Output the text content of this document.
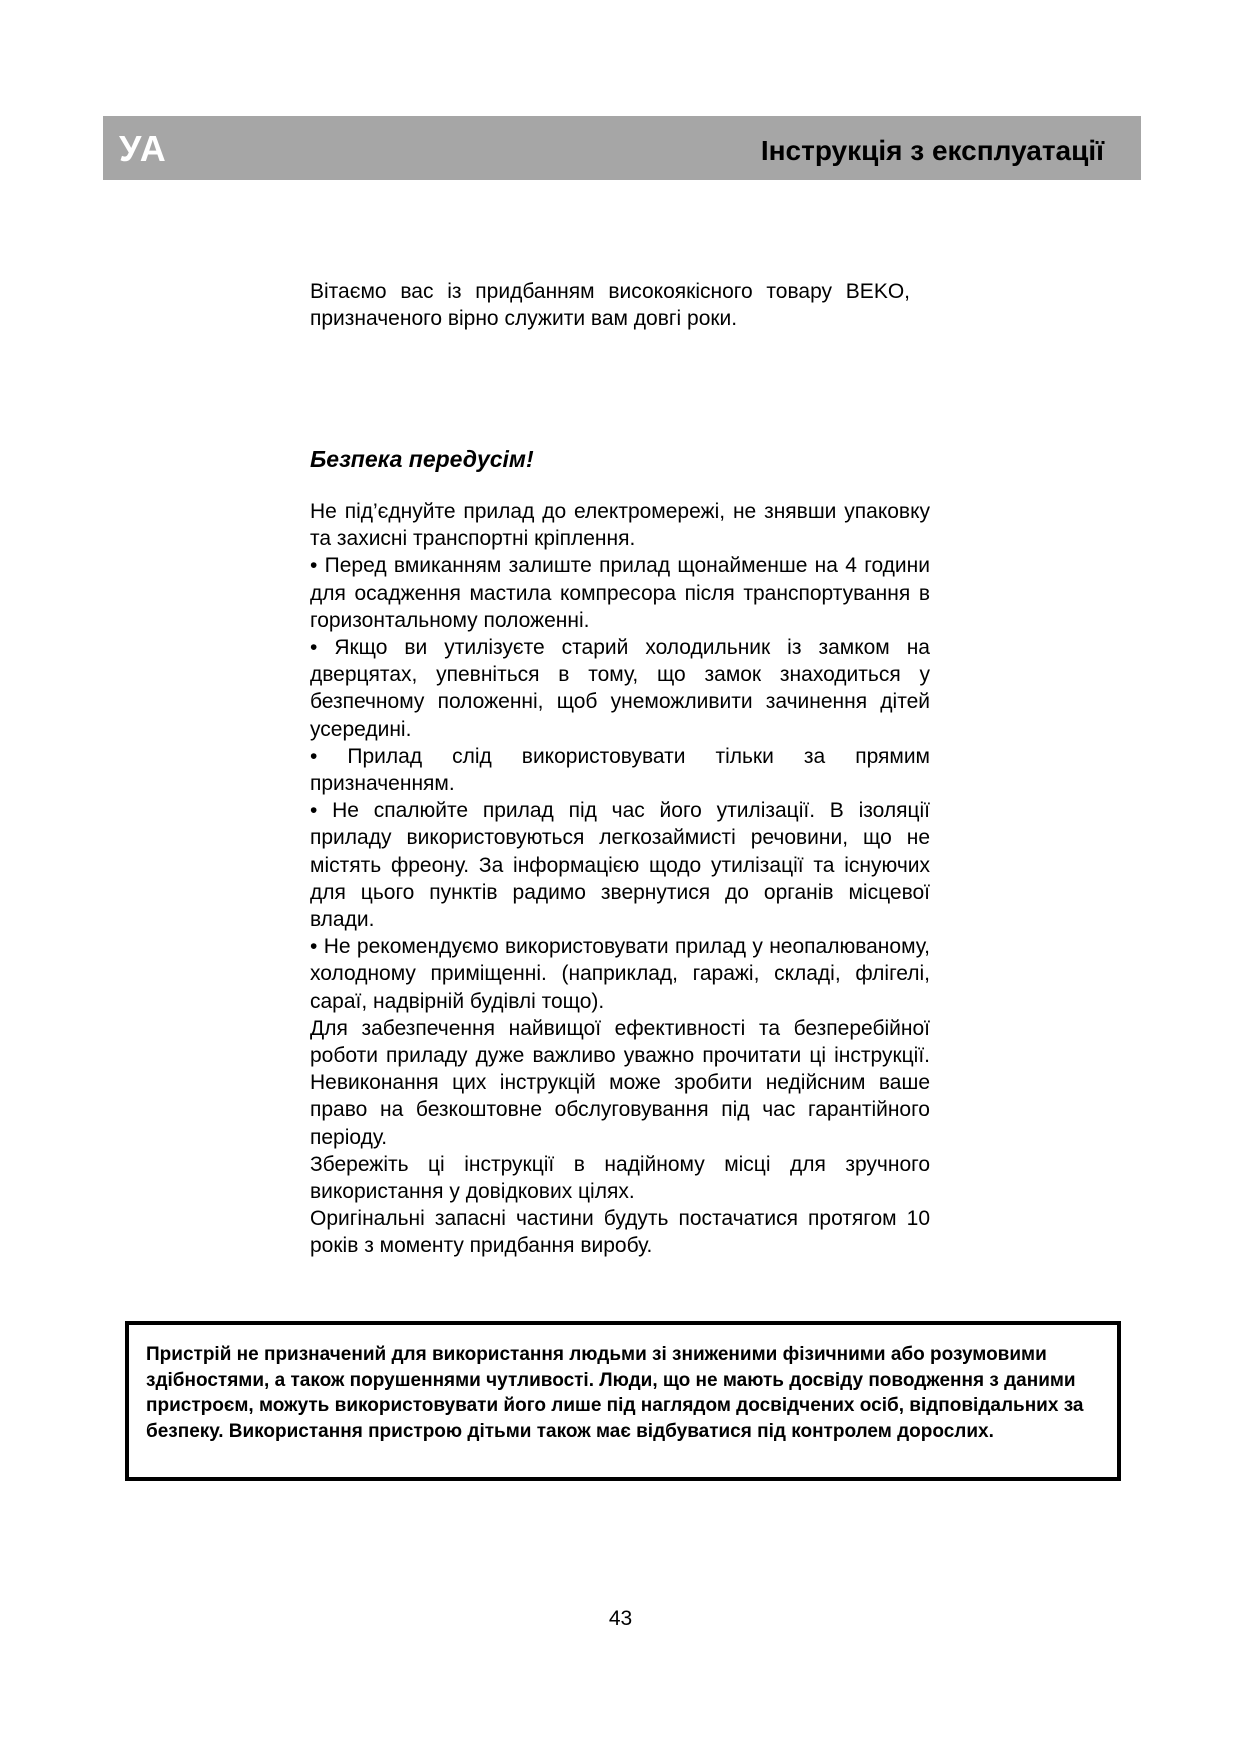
УА	Інструкція з експлуатації

Вітаємо вас із придбанням високоякісного товару BEKO, призначеного вірно служити вам довгі роки.

Безпека передусім!

Не під’єднуйте прилад до електромережі, не знявши упаковку та захисні транспортні кріплення.

• Перед вмиканням залиште прилад щонайменше на 4 години для осадження мастила компресора після транспортування в горизонтальному положенні.

• Якщо ви утилізуєте старий холодильник із замком на дверцятах, упевніться в тому, що замок знаходиться у безпечному положенні, щоб унеможливити зачинення дітей усередині.

• Прилад слід використовувати тільки за прямим призначенням.

• Не спалюйте прилад під час його утилізації. В ізоляції приладу використовуються легкозаймисті речовини, що не містять фреону. За інформацією щодо утилізації та існуючих для цього пунктів радимо звернутися до органів місцевої влади.

• Не рекомендуємо використовувати прилад у неопалюваному, холодному приміщенні. (наприклад, гаражі, складі, флігелі, сараї, надвірній будівлі тощо).

Для забезпечення найвищої ефективності та безперебійної роботи приладу дуже важливо уважно прочитати ці інструкції. Невиконання цих інструкцій може зробити недійсним ваше право на безкоштовне обслуговування під час гарантійного періоду.

Збережіть ці інструкції в надійному місці для зручного використання у довідкових цілях.

Оригінальні запасні частини будуть постачатися протягом 10 років з моменту придбання виробу.

Пристрій не призначений для використання людьми зі зниженими фізичними або розумовими здібностями, а також порушеннями чутливості. Люди, що не мають досвіду поводження з даними пристроєм, можуть використовувати його лише під наглядом досвідчених осіб, відповідальних за безпеку. Використання пристрою дітьми також має відбуватися під контролем дорослих.

43
